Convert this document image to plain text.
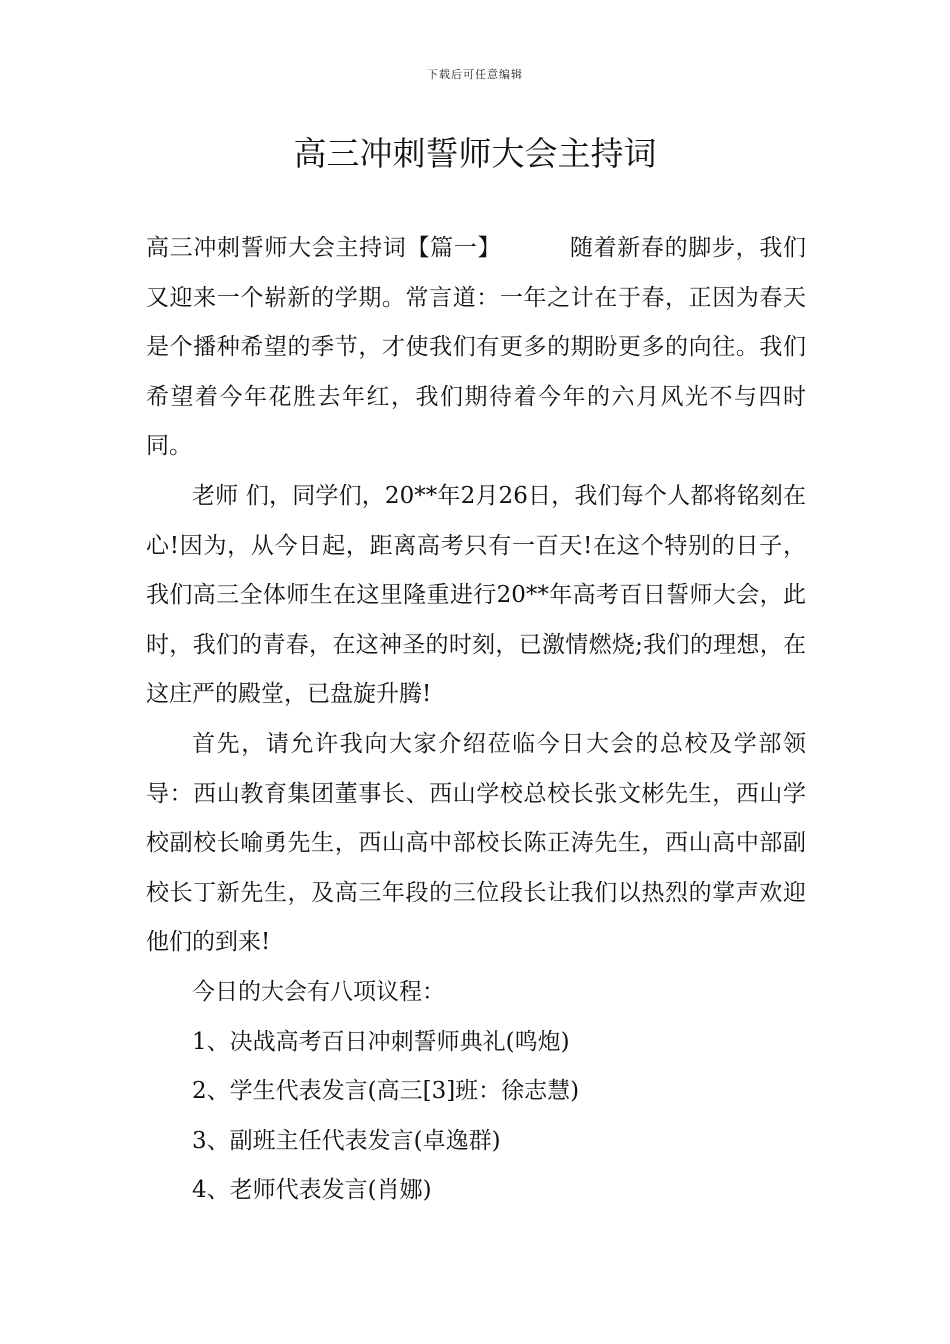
下载后可任意编辑
高三冲刺誓师大会主持词

高三冲刺誓师大会主持词【篇一】	随着新春的脚步，我们又迎来一个崭新的学期。常言道：一年之计在于春，正因为春天是个播种希望的季节，才使我们有更多的期盼更多的向往。我们希望着今年花胜去年红，我们期待着今年的六月风光不与四时同。

老师 们，同学们，20**年2月26日，我们每个人都将铭刻在心!因为，从今日起，距离高考只有一百天!在这个特别的日子，我们高三全体师生在这里隆重进行20**年高考百日誓师大会，此时，我们的青春，在这神圣的时刻，已激情燃烧;我们的理想，在这庄严的殿堂，已盘旋升腾!

首先，请允许我向大家介绍莅临今日大会的总校及学部领导：西山教育集团董事长、西山学校总校长张文彬先生，西山学校副校长喻勇先生，西山高中部校长陈正涛先生，西山高中部副校长丁新先生，及高三年段的三位段长让我们以热烈的掌声欢迎他们的到来!

今日的大会有八项议程：

1、决战高考百日冲刺誓师典礼(鸣炮)
2、学生代表发言(高三[3]班：徐志慧)
3、副班主任代表发言(卓逸群)
4、老师代表发言(肖娜)
